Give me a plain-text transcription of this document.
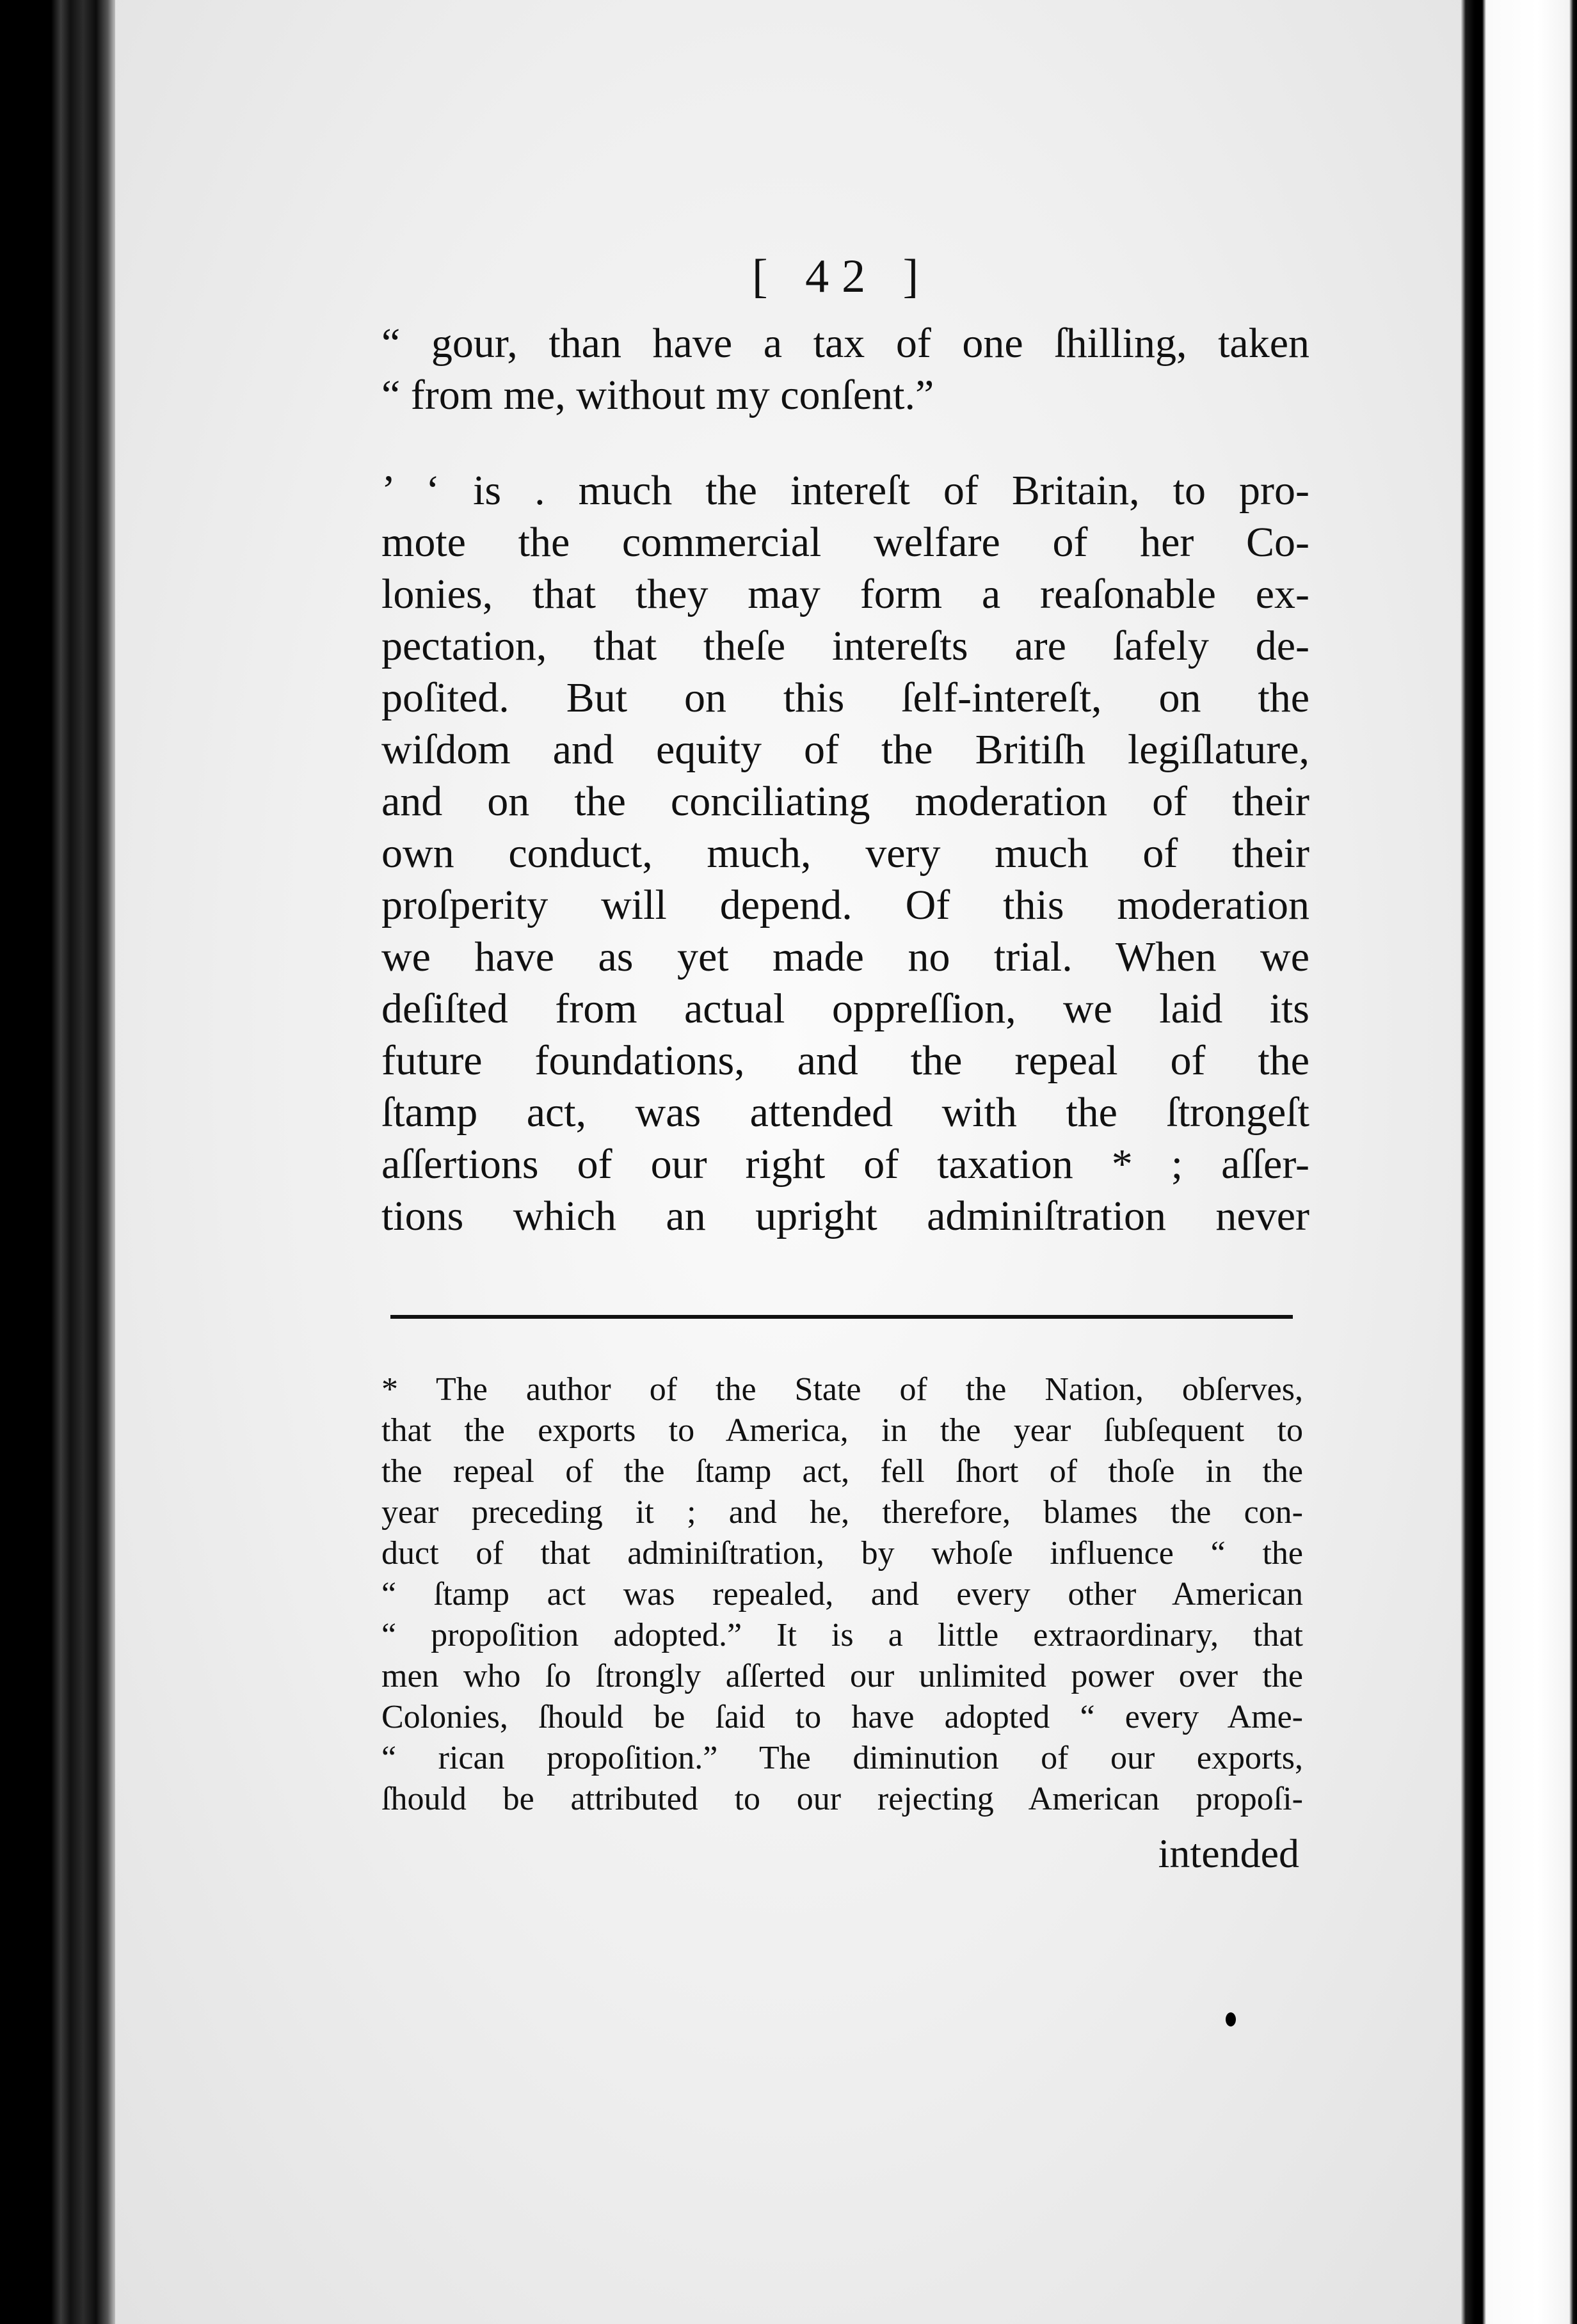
[ 42 ]
“ gour, than have a tax of one ſhilling, taken
“ from me, without my conſent.”
’ ‘ is . much the intereſt of Britain, to pro-
mote the commercial welfare of her Co-
lonies, that they may form a reaſonable ex-
pectation, that theſe intereſts are ſafely de-
poſited. But on this ſelf-intereſt, on the
wiſdom and equity of the Britiſh legiſlature,
and on the conciliating moderation of their
own conduct, much, very much of their
proſperity will depend. Of this moderation
we have as yet made no trial. When we
deſiſted from actual oppreſſion, we laid its
future foundations, and the repeal of the
ſtamp act, was attended with the ſtrongeſt
aſſertions of our right of taxation * ; aſſer-
tions which an upright adminiſtration never
* The author of the State of the Nation, obſerves,
that the exports to America, in the year ſubſequent to
the repeal of the ſtamp act, fell ſhort of thoſe in the
year preceding it ; and he, therefore, blames the con-
duct of that adminiſtration, by whoſe influence “ the
“ ſtamp act was repealed, and every other American
“ propoſition adopted.” It is a little extraordinary, that
men who ſo ſtrongly aſſerted our unlimited power over the
Colonies, ſhould be ſaid to have adopted “ every Ame-
“ rican propoſition.” The diminution of our exports,
ſhould be attributed to our rejecting American propoſi-
intended
